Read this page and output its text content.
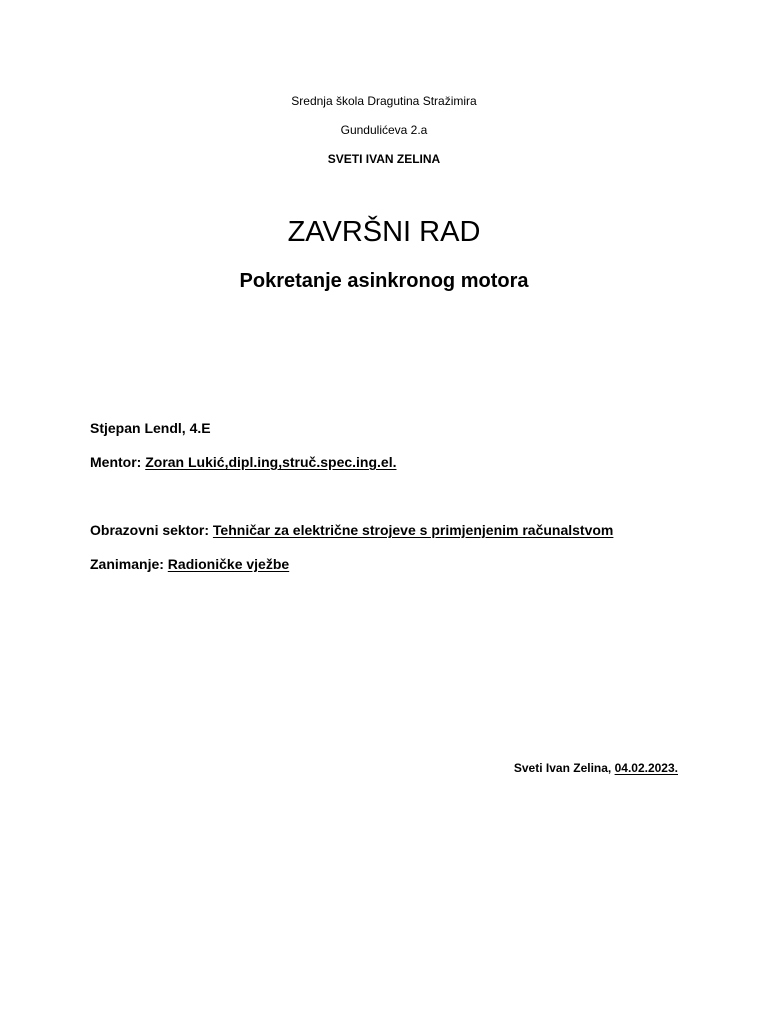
Srednja škola Dragutina Stražimira
Gundulićeva 2.a
SVETI IVAN ZELINA
ZAVRŠNI RAD
Pokretanje asinkronog motora
Stjepan Lendl, 4.E
Mentor: Zoran Lukić,dipl.ing,struč.spec.ing.el.
Obrazovni sektor: Tehničar za električne strojeve s primjenjenim računalstvom
Zanimanje: Radioničke vježbe
Sveti Ivan Zelina, 04.02.2023.
